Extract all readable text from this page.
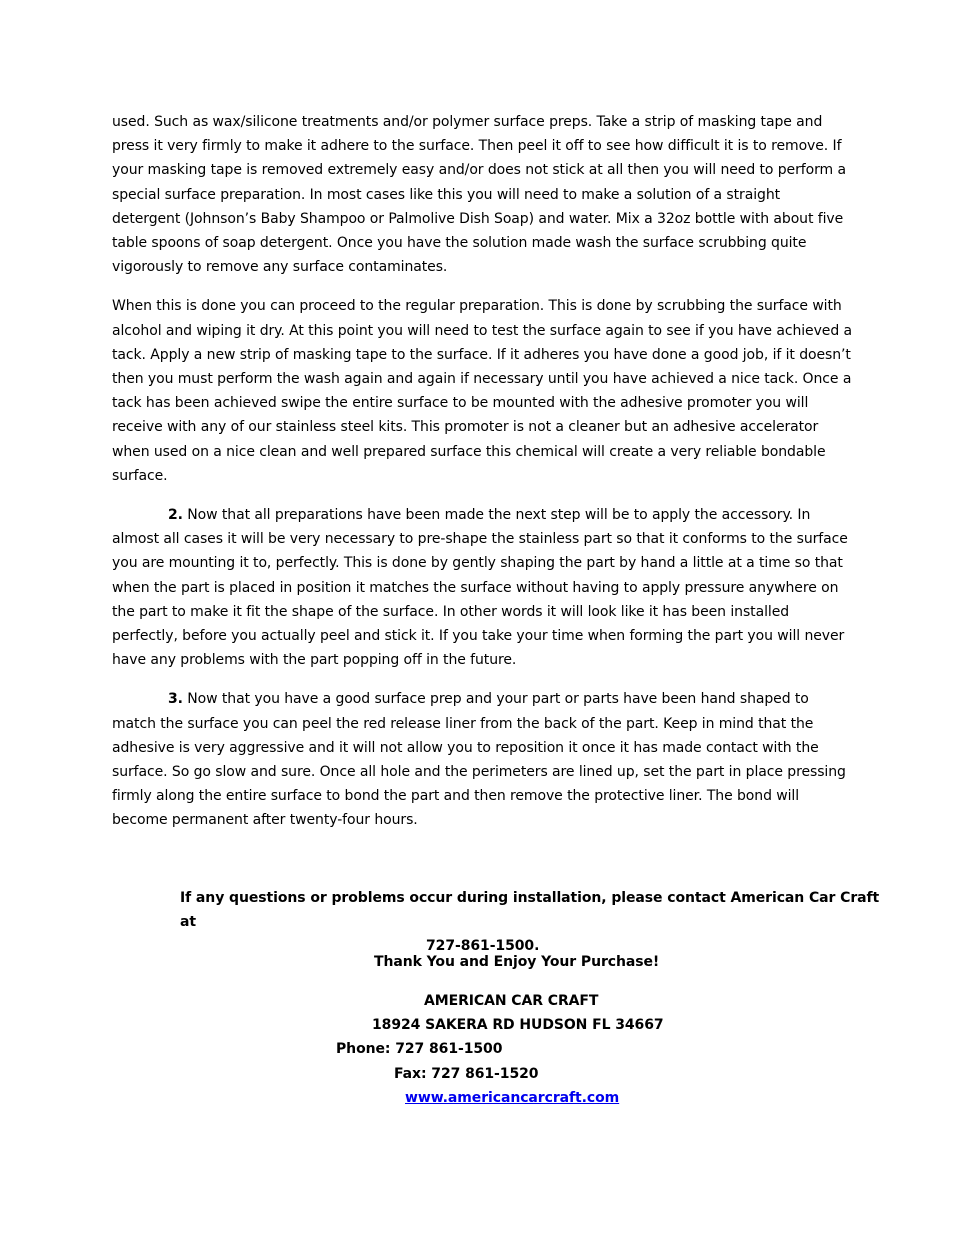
used. Such as wax/silicone treatments and/or polymer surface preps. Take a strip of masking tape and press it very firmly to make it adhere to the surface. Then peel it off to see how difficult it is to remove. If your masking tape is removed extremely easy and/or does not stick at all then you will need to perform a special surface preparation. In most cases like this you will need to make a solution of a straight detergent (Johnson’s Baby Shampoo or Palmolive Dish Soap) and water. Mix a 32oz bottle with about five table spoons of soap detergent. Once you have the solution made wash the surface scrubbing quite vigorously to remove any surface contaminates.

When this is done you can proceed to the regular preparation. This is done by scrubbing the surface with alcohol and wiping it dry. At this point you will need to test the surface again to see if you have achieved a tack. Apply a new strip of masking tape to the surface. If it adheres you have done a good job, if it doesn’t then you must perform the wash again and again if necessary until you have achieved a nice tack. Once a tack has been achieved swipe the entire surface to be mounted with the adhesive promoter you will receive with any of our stainless steel kits. This promoter is not a cleaner but an adhesive accelerator when used on a nice clean and well prepared surface this chemical will create a very reliable bondable surface.

2. Now that all preparations have been made the next step will be to apply the accessory. In almost all cases it will be very necessary to pre-shape the stainless part so that it conforms to the surface you are mounting it to, perfectly. This is done by gently shaping the part by hand a little at a time so that when the part is placed in position it matches the surface without having to apply pressure anywhere on the part to make it fit the shape of the surface. In other words it will look like it has been installed perfectly, before you actually peel and stick it. If you take your time when forming the part you will never have any problems with the part popping off in the future.

3. Now that you have a good surface prep and your part or parts have been hand shaped to match the surface you can peel the red release liner from the back of the part. Keep in mind that the adhesive is very aggressive and it will not allow you to reposition it once it has made contact with the surface. So go slow and sure. Once all hole and the perimeters are lined up, set the part in place pressing firmly along the entire surface to bond the part and then remove the protective liner. The bond will become permanent after twenty-four hours.

If any questions or problems occur during installation, please contact American Car Craft at
727-861-1500.
Thank You and Enjoy Your Purchase!
AMERICAN CAR CRAFT
18924 SAKERA RD HUDSON FL 34667
Phone: 727 861-1500
Fax: 727 861-1520
www.americancarcraft.com
